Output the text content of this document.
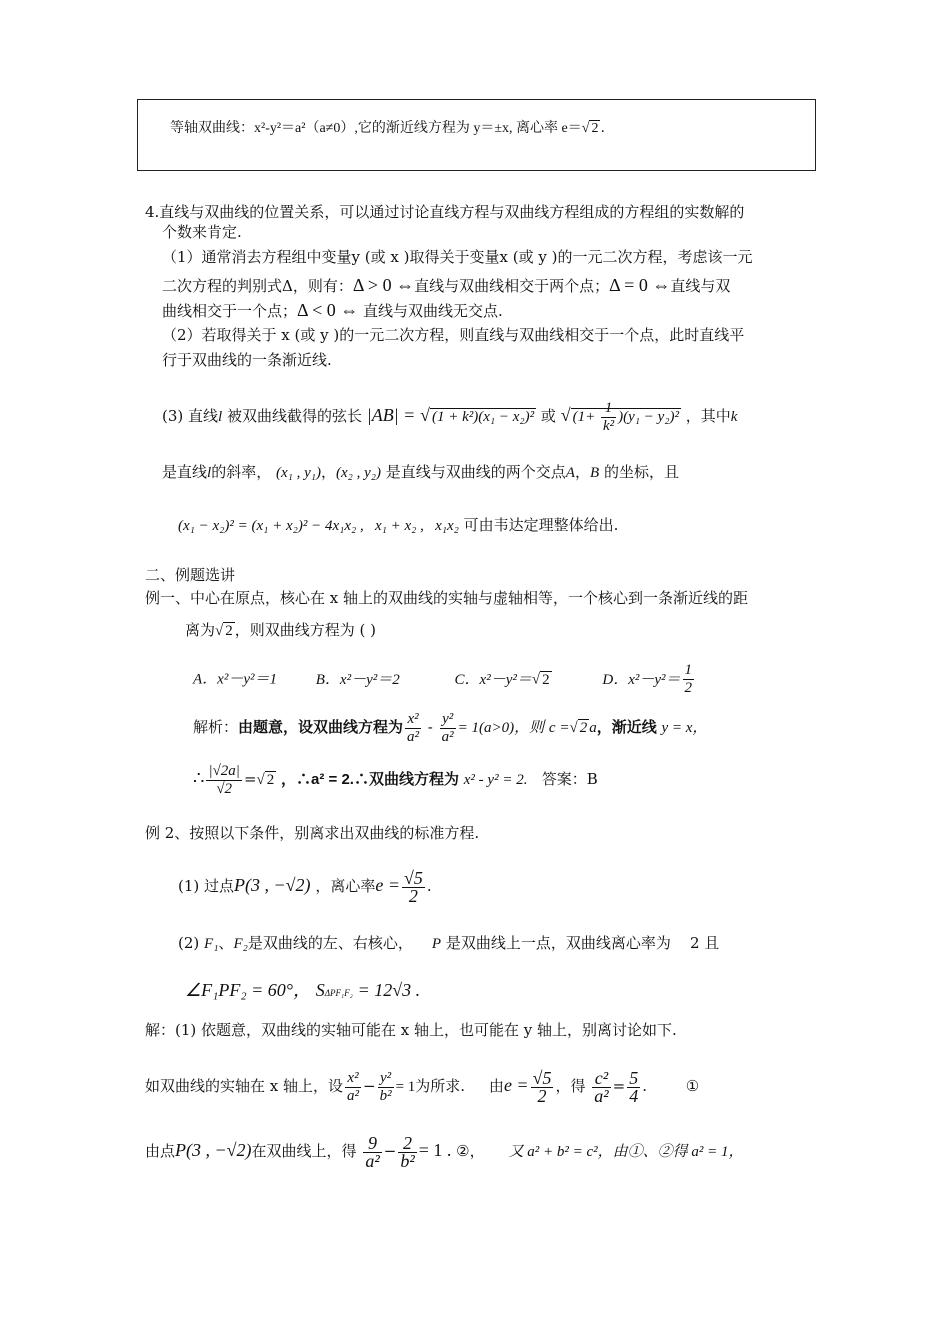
等轴双曲线：x²-y²＝a²（a≠0）,它的渐近线方程为 y＝±x, 离心率 e＝√ 2 .
4.直线与双曲线的位置关系，可以通过讨论直线方程与双曲线方程组成的方程组的实数解的
个数来肯定.
（1）通常消去方程组中变量y (或 x )取得关于变量x (或 y )的一元二次方程，考虑该一元
二次方程的判别式Δ，则有：Δ > 0 ⇔直线与双曲线相交于两个点；Δ = 0 ⇔直线与双
曲线相交于一个点；Δ < 0 ⇔ 直线与双曲线无交点.
（2）若取得关于 x (或 y )的一元二次方程，则直线与双曲线相交于一个点，此时直线平
行于双曲线的一条渐近线.
(3) 直线l 被双曲线截得的弦长 |AB| = √ (1 + k²)(x₁ − x₂)² 或 √ $(1+ \frac{1}{\text{k²}} )(y_1 - y_2)^2$ ，其中k
是直线l的斜率， (x₁ , y₁)，(x₂ , y₂) 是直线与双曲线的两个交点A，B 的坐标，且
(x₁ − x₂)² = (x₁ + x₂)² − 4x₁x₂ ,   x₁ + x₂ ,   x₁x₂ 可由韦达定理整体给出.
二、例题选讲
例一、中心在原点，核心在 x 轴上的双曲线的实轴与虚轴相等，一个核心到一条渐近线的距
离为√ 2 ，则双曲线方程为 ( )
A．x²－y²＝1	B．x²－y²＝2	C．x²－y²＝√ 2	D．$x^2-y^2= \frac{1}{2}$
解析：由题意，设双曲线方程为 $\frac{\text{x²}}{\text{a²}} - \frac{\text{y²}}{\text{a²}} = 1(a>0)$，则 c =√ 2 a，渐近线 y = x，
∴ $\frac{|√2a|}{√2}$ =√ 2 ，∴a² = 2.∴双曲线方程为 x² - y² = 2. 答案：B
例 2、按照以下条件，别离求出双曲线的标准方程.
(1) 过点P(3 , −√2) ，离心率$e = \frac{√5}{2}$ .
(2) F₁、F₂是双曲线的左、右核心， P 是双曲线上一点，双曲线离心率为 2 且
∠F₁PF₂ = 60°， SΔPF₁F₂ = 12√3 .
解：(1) 依题意，双曲线的实轴可能在 x 轴上，也可能在 y 轴上，别离讨论如下.
如双曲线的实轴在 x 轴上，设 $\frac{\text{x²}}{\text{a²}} - \frac{\text{y²}}{\text{b²}} = 1$为所求. 由$e = \frac{√5}{2}$ ，得 $\frac{\text{c²}}{\text{a²}} = \frac{5}{4}$ . ①
由点P(3 , −√2)在双曲线上，得 $\frac{9}{\text{a²}} - \frac{2}{\text{b²}} = 1$ . ②， 又 a² + b² = c²，由①、②得 a² = 1，
